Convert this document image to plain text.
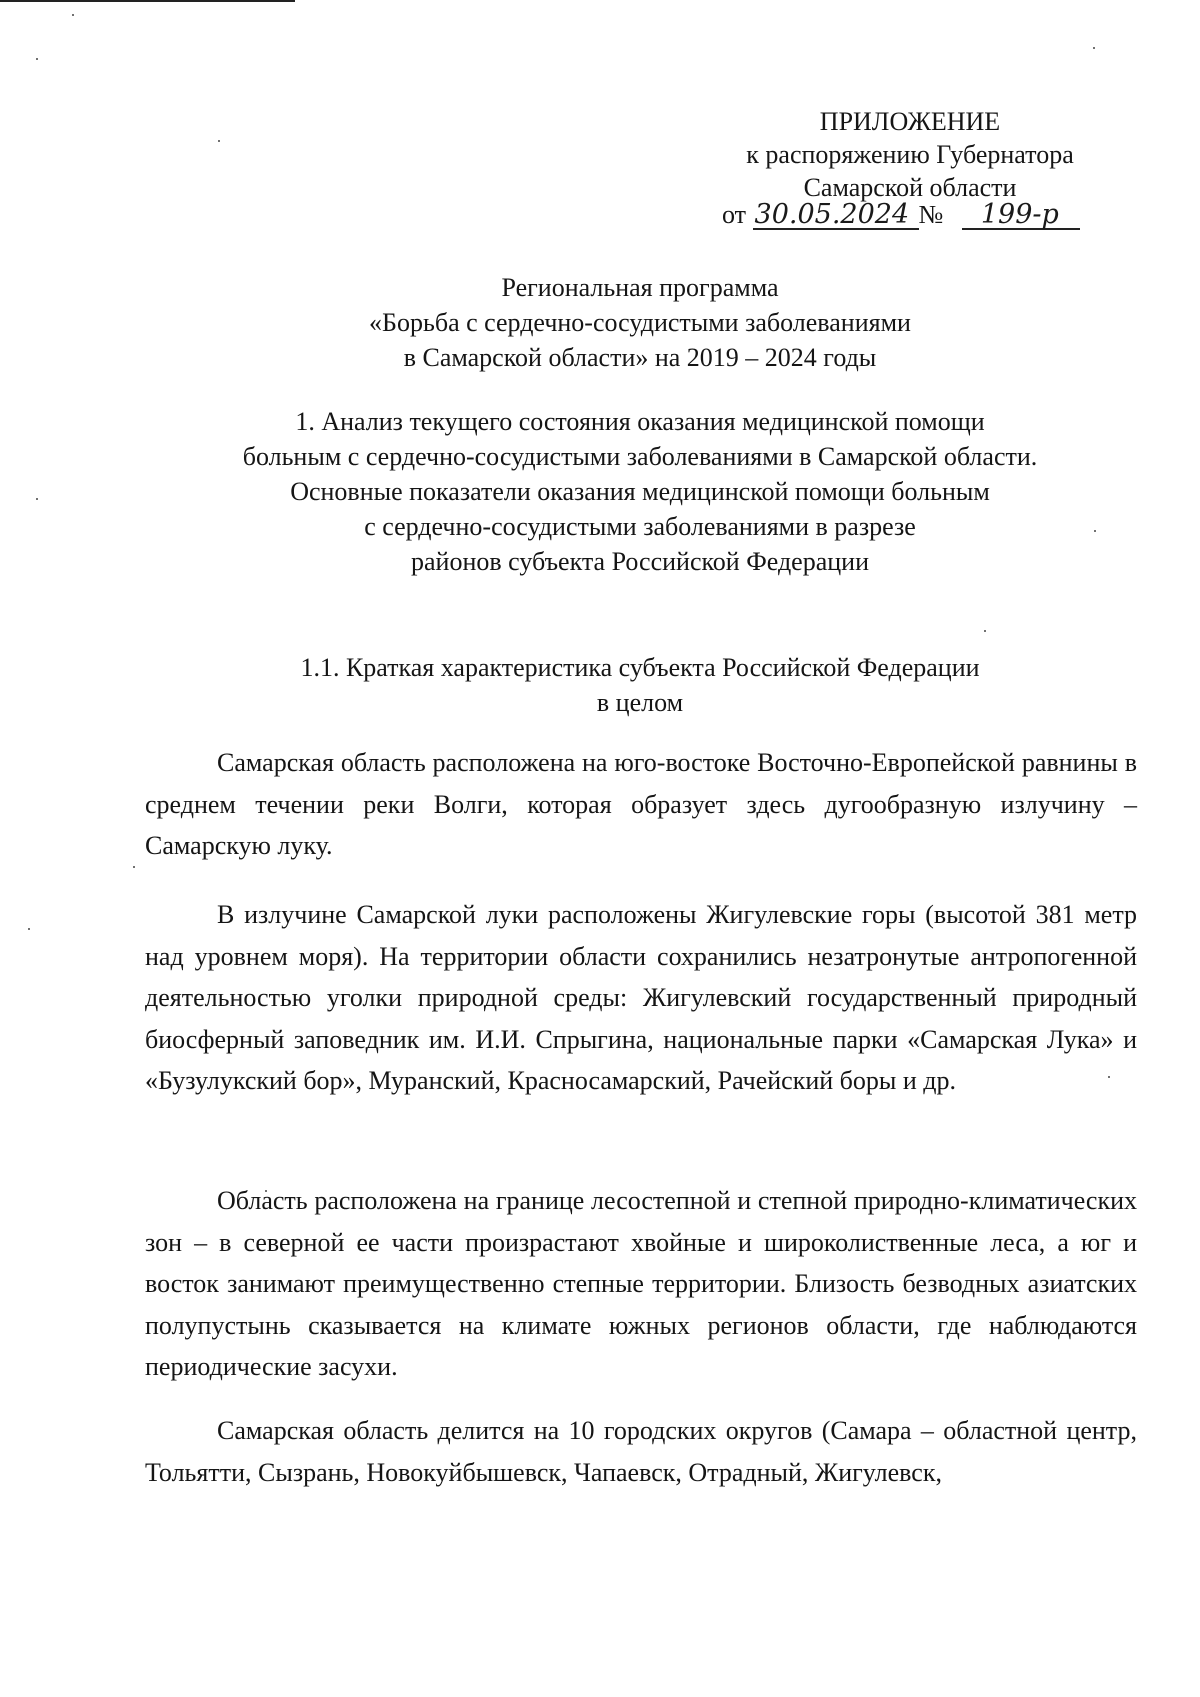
ПРИЛОЖЕНИЕ
к распоряжению Губернатора
Самарской области
от 30.05.2024 № 199-р
Региональная программа
«Борьба с сердечно-сосудистыми заболеваниями
в Самарской области» на 2019 – 2024 годы
1. Анализ текущего состояния оказания медицинской помощи
больным с сердечно-сосудистыми заболеваниями в Самарской области.
Основные показатели оказания медицинской помощи больным
с сердечно-сосудистыми заболеваниями в разрезе
районов субъекта Российской Федерации
1.1. Краткая характеристика субъекта Российской Федерации
в целом

Самарская область расположена на юго-востоке Восточно-Европейской равнины в среднем течении реки Волги, которая образует здесь дугообразную излучину – Самарскую луку.

В излучине Самарской луки расположены Жигулевские горы (высотой 381 метр над уровнем моря). На территории области сохранились незатронутые антропогенной деятельностью уголки природной среды: Жигулевский государственный природный биосферный заповедник им. И.И. Спрыгина, национальные парки «Самарская Лука» и «Бузулукский бор», Муранский, Красносамарский, Рачейский боры и др.

Область расположена на границе лесостепной и степной природно-климатических зон – в северной ее части произрастают хвойные и широколиственные леса, а юг и восток занимают преимущественно степные территории. Близость безводных азиатских полупустынь сказывается на климате южных регионов области, где наблюдаются периодические засухи.

Самарская область делится на 10 городских округов (Самара – областной центр, Тольятти, Сызрань, Новокуйбышевск, Чапаевск, Отрадный, Жигулевск,
